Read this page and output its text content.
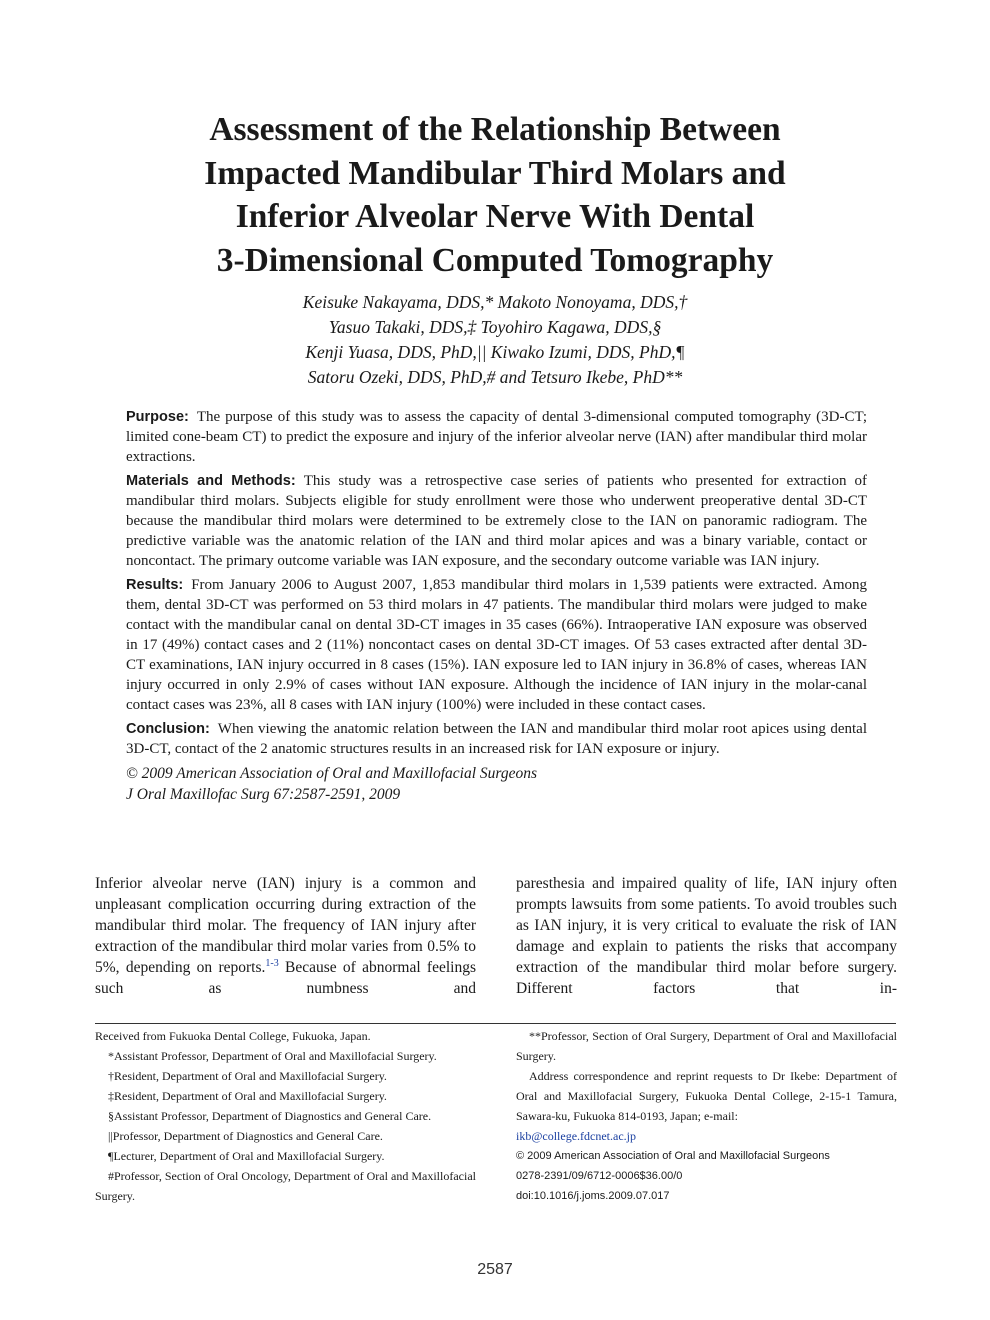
Assessment of the Relationship Between
Impacted Mandibular Third Molars and
Inferior Alveolar Nerve With Dental
3-Dimensional Computed Tomography
Keisuke Nakayama, DDS,* Makoto Nonoyama, DDS,†
Yasuo Takaki, DDS,‡ Toyohiro Kagawa, DDS,§
Kenji Yuasa, DDS, PhD,|| Kiwako Izumi, DDS, PhD,¶
Satoru Ozeki, DDS, PhD,# and Tetsuro Ikebe, PhD**

Purpose: The purpose of this study was to assess the capacity of dental 3-dimensional computed tomography (3D-CT; limited cone-beam CT) to predict the exposure and injury of the inferior alveolar nerve (IAN) after mandibular third molar extractions.

Materials and Methods: This study was a retrospective case series of patients who presented for extraction of mandibular third molars. Subjects eligible for study enrollment were those who underwent preoperative dental 3D-CT because the mandibular third molars were determined to be extremely close to the IAN on panoramic radiogram. The predictive variable was the anatomic relation of the IAN and third molar apices and was a binary variable, contact or noncontact. The primary outcome variable was IAN exposure, and the secondary outcome variable was IAN injury.

Results: From January 2006 to August 2007, 1,853 mandibular third molars in 1,539 patients were extracted. Among them, dental 3D-CT was performed on 53 third molars in 47 patients. The mandibular third molars were judged to make contact with the mandibular canal on dental 3D-CT images in 35 cases (66%). Intraoperative IAN exposure was observed in 17 (49%) contact cases and 2 (11%) noncontact cases on dental 3D-CT images. Of 53 cases extracted after dental 3D-CT examinations, IAN injury occurred in 8 cases (15%). IAN exposure led to IAN injury in 36.8% of cases, whereas IAN injury occurred in only 2.9% of cases without IAN exposure. Although the incidence of IAN injury in the molar-canal contact cases was 23%, all 8 cases with IAN injury (100%) were included in these contact cases.

Conclusion: When viewing the anatomic relation between the IAN and mandibular third molar root apices using dental 3D-CT, contact of the 2 anatomic structures results in an increased risk for IAN exposure or injury.

© 2009 American Association of Oral and Maxillofacial Surgeons
J Oral Maxillofac Surg 67:2587-2591, 2009
Inferior alveolar nerve (IAN) injury is a common and unpleasant complication occurring during extraction of the mandibular third molar. The frequency of IAN injury after extraction of the mandibular third molar varies from 0.5% to 5%, depending on reports.$^{1-3}$ Because of abnormal feelings such as numbness and
paresthesia and impaired quality of life, IAN injury often prompts lawsuits from some patients. To avoid troubles such as IAN injury, it is very critical to evaluate the risk of IAN damage and explain to patients the risks that accompany extraction of the mandibular third molar before surgery. Different factors that in-

Received from Fukuoka Dental College, Fukuoka, Japan.

*Assistant Professor, Department of Oral and Maxillofacial Surgery.

†Resident, Department of Oral and Maxillofacial Surgery.

‡Resident, Department of Oral and Maxillofacial Surgery.

§Assistant Professor, Department of Diagnostics and General Care.

||Professor, Department of Diagnostics and General Care.

¶Lecturer, Department of Oral and Maxillofacial Surgery.

#Professor, Section of Oral Oncology, Department of Oral and Maxillofacial Surgery.

**Professor, Section of Oral Surgery, Department of Oral and Maxillofacial Surgery.

Address correspondence and reprint requests to Dr Ikebe: Department of Oral and Maxillofacial Surgery, Fukuoka Dental College, 2-15-1 Tamura, Sawara-ku, Fukuoka 814-0193, Japan; e-mail:

ikb@college.fdcnet.ac.jp

© 2009 American Association of Oral and Maxillofacial Surgeons

0278-2391/09/6712-0006$36.00/0

doi:10.1016/j.joms.2009.07.017

2587
